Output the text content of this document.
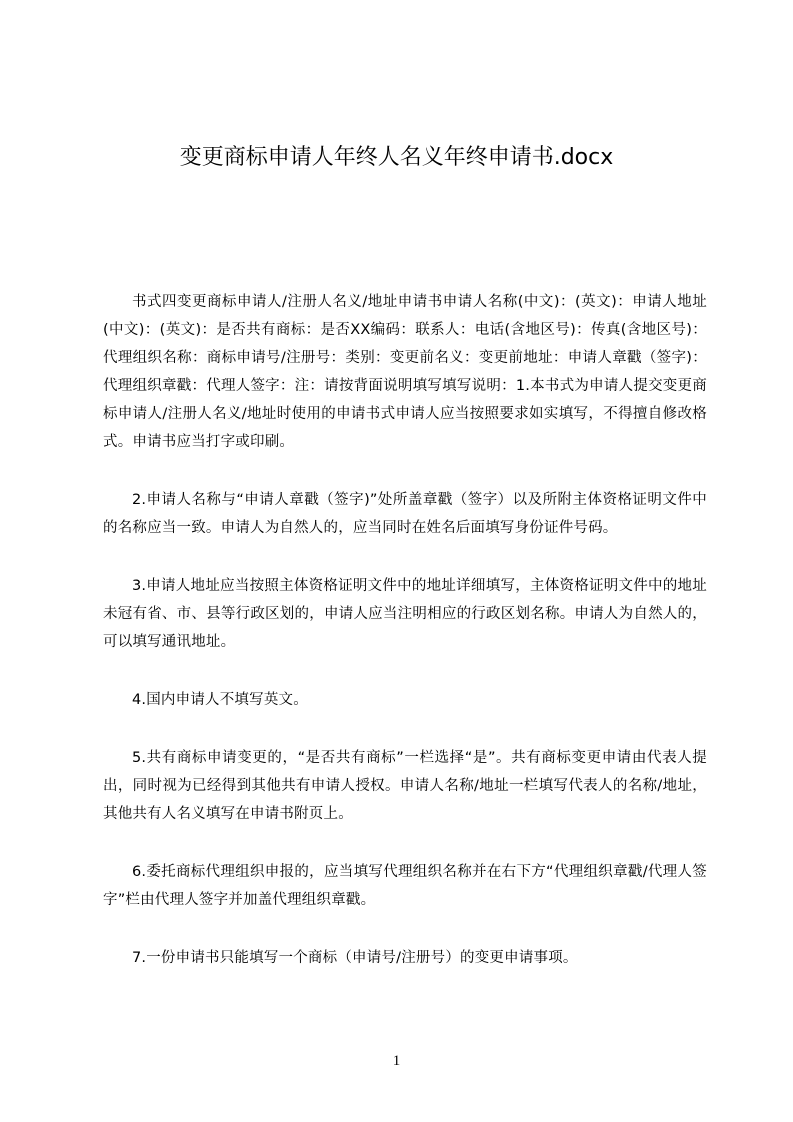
变更商标申请人年终人名义年终申请书.docx

书式四变更商标申请人/注册人名义/地址申请书申请人名称(中文)：(英文)：申请人地址(中文)：(英文)：是否共有商标：是否XX编码：联系人：电话(含地区号)：传真(含地区号)：代理组织名称：商标申请号/注册号：类别：变更前名义：变更前地址：申请人章戳（签字)：代理组织章戳：代理人签字：注：请按背面说明填写填写说明：1.本书式为申请人提交变更商标申请人/注册人名义/地址时使用的申请书式申请人应当按照要求如实填写，不得擅自修改格式。申请书应当打字或印刷。

2.申请人名称与“申请人章戳（签字)”处所盖章戳（签字）以及所附主体资格证明文件中的名称应当一致。申请人为自然人的，应当同时在姓名后面填写身份证件号码。

3.申请人地址应当按照主体资格证明文件中的地址详细填写，主体资格证明文件中的地址未冠有省、市、县等行政区划的，申请人应当注明相应的行政区划名称。申请人为自然人的，可以填写通讯地址。

4.国内申请人不填写英文。

5.共有商标申请变更的，“是否共有商标”一栏选择“是”。共有商标变更申请由代表人提出，同时视为已经得到其他共有申请人授权。申请人名称/地址一栏填写代表人的名称/地址，其他共有人名义填写在申请书附页上。

6.委托商标代理组织申报的，应当填写代理组织名称并在右下方“代理组织章戳/代理人签字”栏由代理人签字并加盖代理组织章戳。

7.一份申请书只能填写一个商标（申请号/注册号）的变更申请事项。

1
